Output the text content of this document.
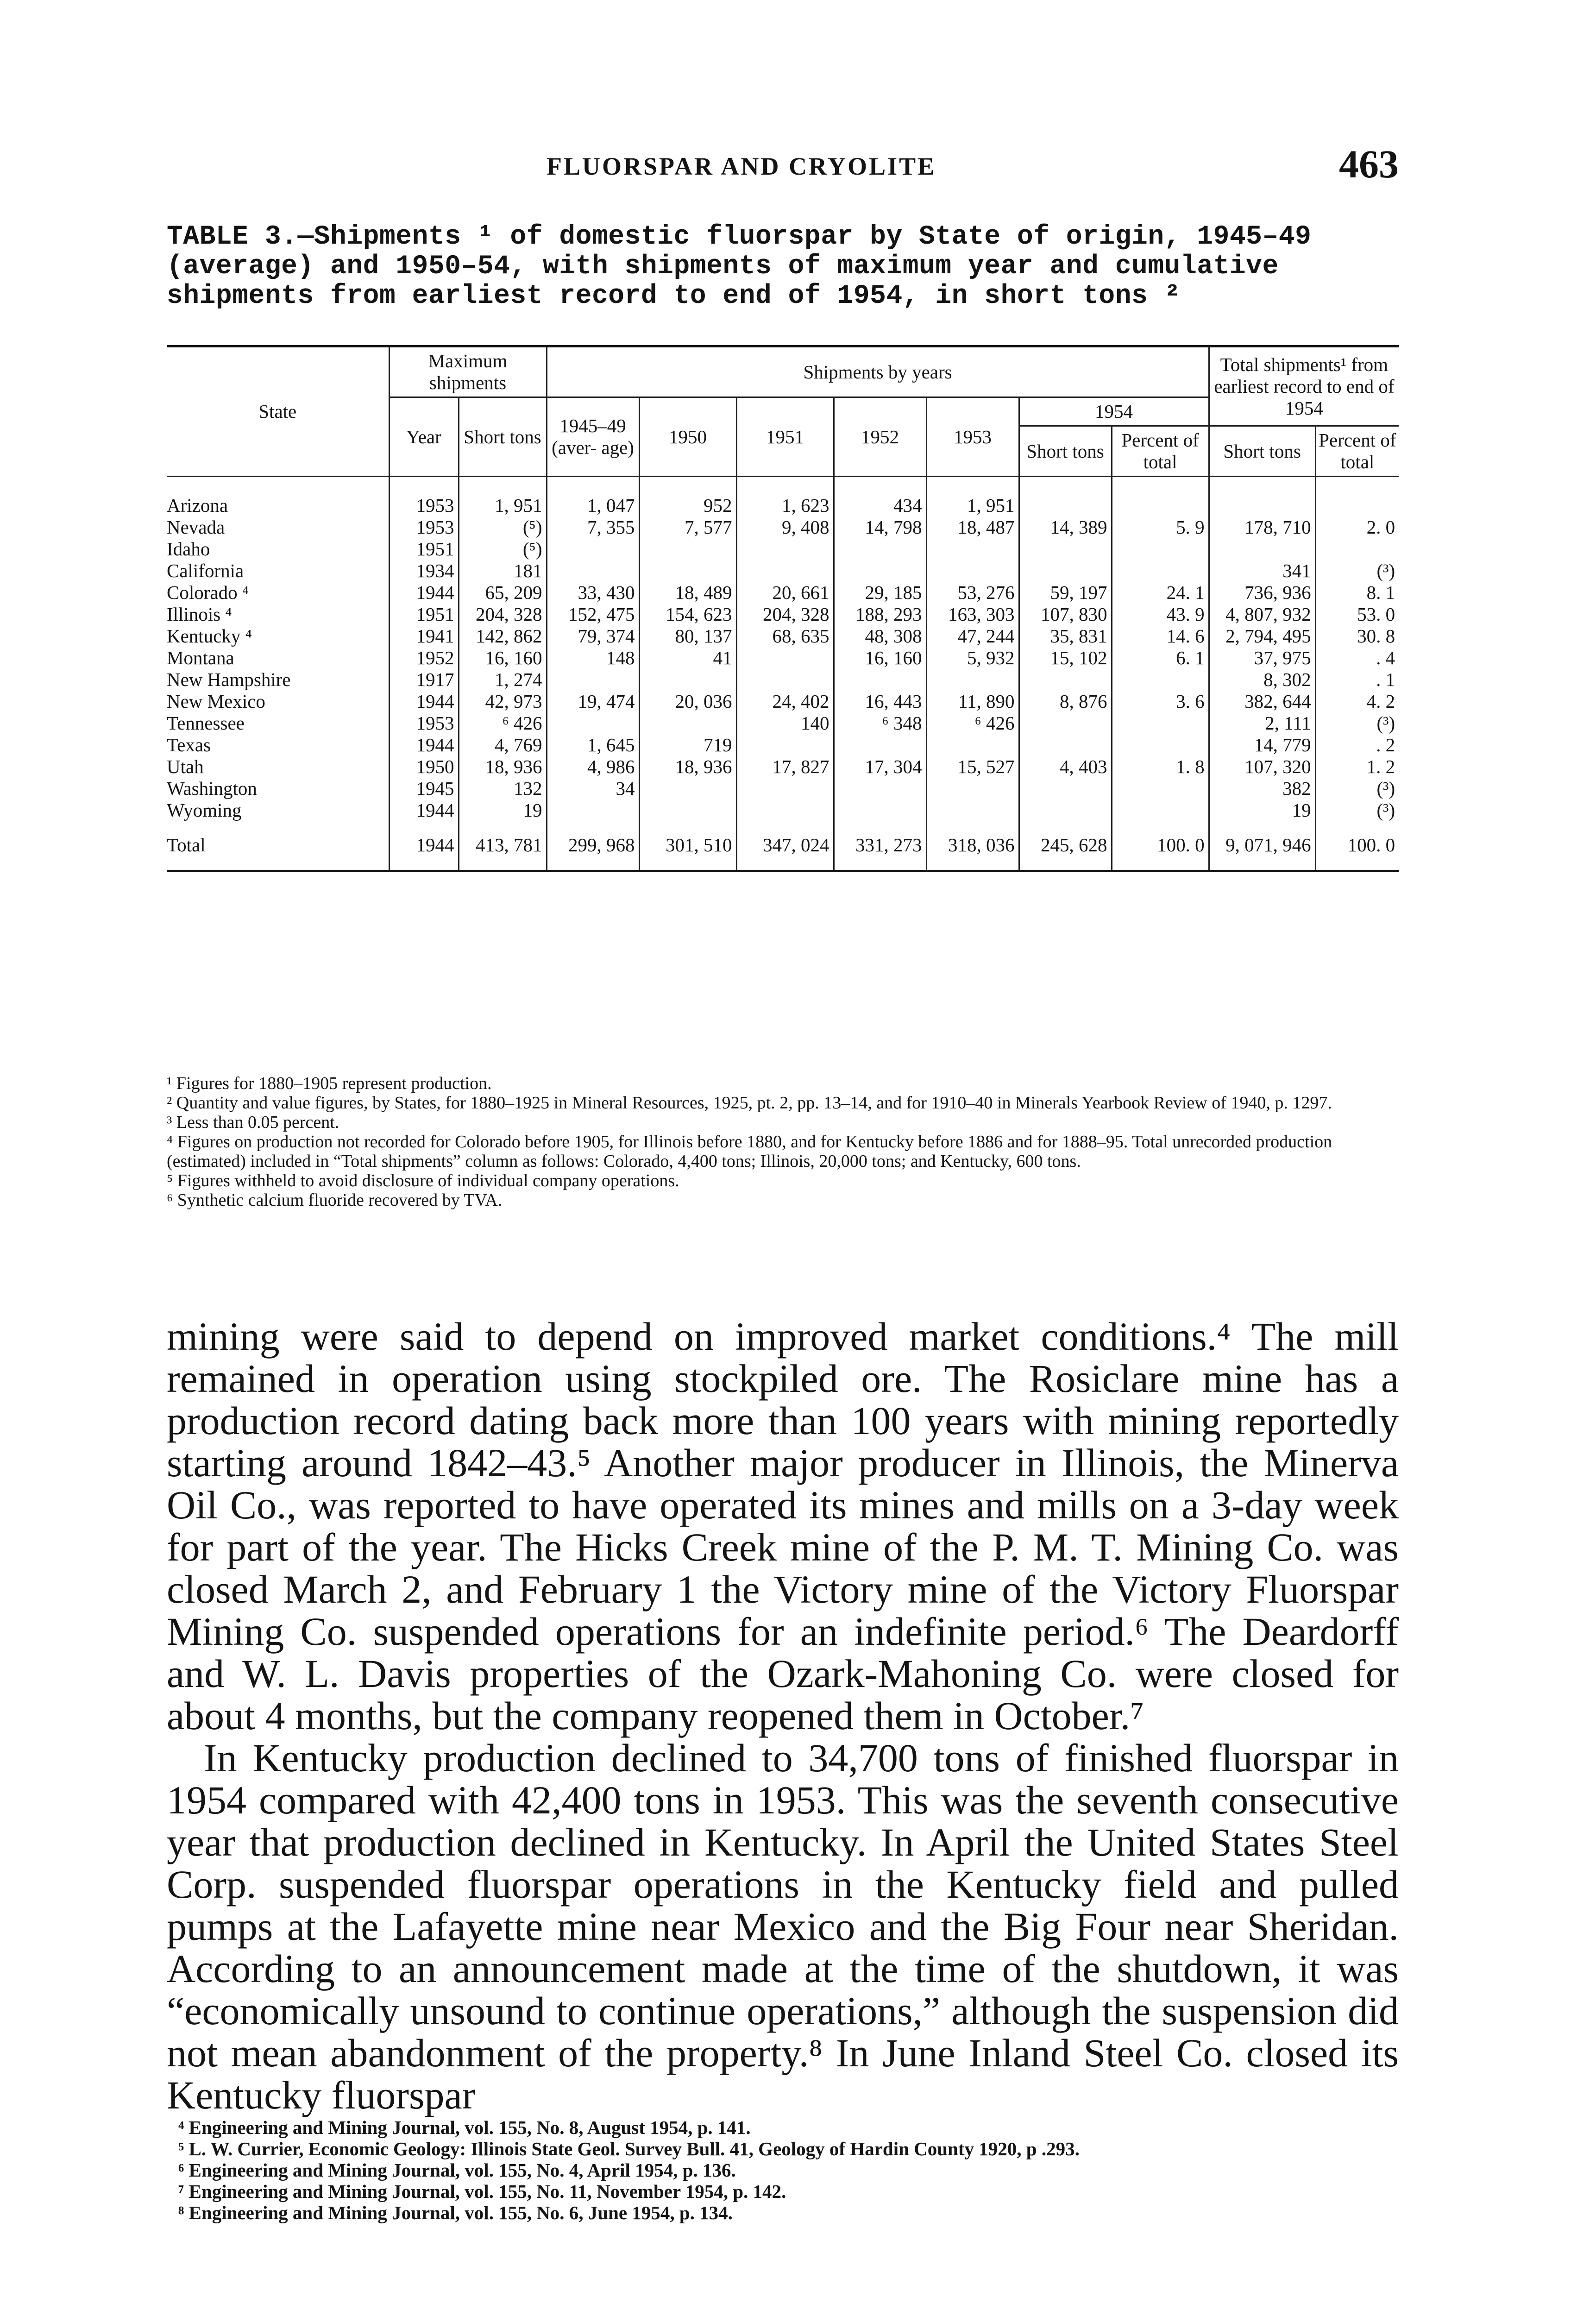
FLUORSPAR AND CRYOLITE	463
TABLE 3.—Shipments ¹ of domestic fluorspar by State of origin, 1945–49 (average) and 1950–54, with shipments of maximum year and cumulative shipments from earliest record to end of 1954, in short tons ²
State	Maximum shipments		Shipments by years							Total shipments¹ from earliest record to end of 1954	
	Year	Short tons	1945–49 (aver- age)	1950	1951	1952	1953	1954			
								Short tons	Percent of total	Short tons	Percent of total
Arizona	1953	1, 951	1, 047	952	1, 623	434	1, 951				
Nevada	1953	(⁵)	7, 355	7, 577	9, 408	14, 798	18, 487	14, 389	5. 9	178, 710	2. 0
Idaho	1951	(⁵)									
California	1934	181								341	(³)
Colorado ⁴	1944	65, 209	33, 430	18, 489	20, 661	29, 185	53, 276	59, 197	24. 1	736, 936	8. 1
Illinois ⁴	1951	204, 328	152, 475	154, 623	204, 328	188, 293	163, 303	107, 830	43. 9	4, 807, 932	53. 0
Kentucky ⁴	1941	142, 862	79, 374	80, 137	68, 635	48, 308	47, 244	35, 831	14. 6	2, 794, 495	30. 8
Montana	1952	16, 160	148	41		16, 160	5, 932	15, 102	6. 1	37, 975	. 4
New Hampshire	1917	1, 274								8, 302	. 1
New Mexico	1944	42, 973	19, 474	20, 036	24, 402	16, 443	11, 890	8, 876	3. 6	382, 644	4. 2
Tennessee	1953	⁶ 426			140	⁶ 348	⁶ 426			2, 111	(³)
Texas	1944	4, 769	1, 645	719						14, 779	. 2
Utah	1950	18, 936	4, 986	18, 936	17, 827	17, 304	15, 527	4, 403	1. 8	107, 320	1. 2
Washington	1945	132	34							382	(³)
Wyoming	1944	19								19	(³)
Total	1944	413, 781	299, 968	301, 510	347, 024	331, 273	318, 036	245, 628	100. 0	9, 071, 946	100. 0

¹ Figures for 1880–1905 represent production.

² Quantity and value figures, by States, for 1880–1925 in Mineral Resources, 1925, pt. 2, pp. 13–14, and for 1910–40 in Minerals Yearbook Review of 1940, p. 1297.

³ Less than 0.05 percent.

⁴ Figures on production not recorded for Colorado before 1905, for Illinois before 1880, and for Kentucky before 1886 and for 1888–95. Total unrecorded production (estimated) included in “Total shipments” column as follows: Colorado, 4,400 tons; Illinois, 20,000 tons; and Kentucky, 600 tons.

⁵ Figures withheld to avoid disclosure of individual company operations.

⁶ Synthetic calcium fluoride recovered by TVA.

mining were said to depend on improved market conditions.⁴ The mill remained in operation using stockpiled ore. The Rosiclare mine has a production record dating back more than 100 years with mining reportedly starting around 1842–43.⁵ Another major producer in Illinois, the Minerva Oil Co., was reported to have operated its mines and mills on a 3-day week for part of the year. The Hicks Creek mine of the P. M. T. Mining Co. was closed March 2, and February 1 the Victory mine of the Victory Fluorspar Mining Co. suspended operations for an indefinite period.⁶ The Deardorff and W. L. Davis properties of the Ozark-Mahoning Co. were closed for about 4 months, but the company reopened them in October.⁷

In Kentucky production declined to 34,700 tons of finished fluorspar in 1954 compared with 42,400 tons in 1953. This was the seventh consecutive year that production declined in Kentucky. In April the United States Steel Corp. suspended fluorspar operations in the Kentucky field and pulled pumps at the Lafayette mine near Mexico and the Big Four near Sheridan. According to an announcement made at the time of the shutdown, it was “economically unsound to continue operations,” although the suspension did not mean abandonment of the property.⁸ In June Inland Steel Co. closed its Kentucky fluorspar

⁴ Engineering and Mining Journal, vol. 155, No. 8, August 1954, p. 141.

⁵ L. W. Currier, Economic Geology: Illinois State Geol. Survey Bull. 41, Geology of Hardin County 1920, p .293.

⁶ Engineering and Mining Journal, vol. 155, No. 4, April 1954, p. 136.

⁷ Engineering and Mining Journal, vol. 155, No. 11, November 1954, p. 142.

⁸ Engineering and Mining Journal, vol. 155, No. 6, June 1954, p. 134.
